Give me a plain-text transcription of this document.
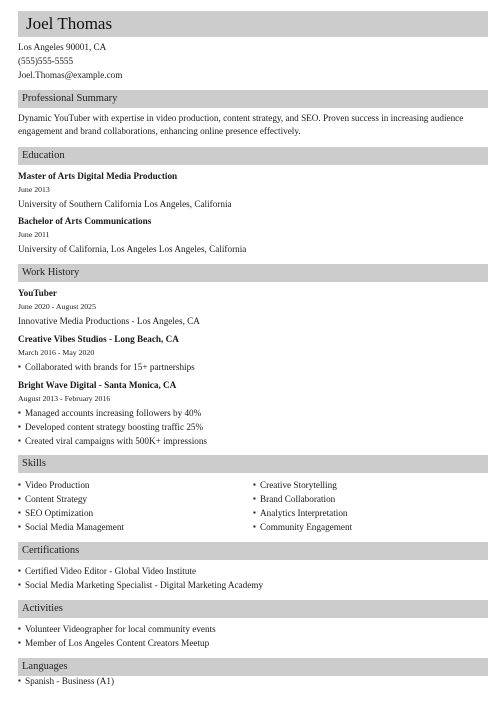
Joel Thomas
Los Angeles 90001, CA
(555)555-5555
Joel.Thomas@example.com
Professional Summary
Dynamic YouTuber with expertise in video production, content strategy, and SEO. Proven success in increasing audience engagement and brand collaborations, enhancing online presence effectively.
Education
Master of Arts Digital Media Production
June 2013
University of Southern California Los Angeles, California
Bachelor of Arts Communications
June 2011
University of California, Los Angeles Los Angeles, California
Work History
YouTuber
June 2020 - August 2025
Innovative Media Productions - Los Angeles, CA
Creative Vibes Studios - Long Beach, CA
March 2016 - May 2020
▪ Collaborated with brands for 15+ partnerships
Bright Wave Digital - Santa Monica, CA
August 2013 - February 2016
▪ Managed accounts increasing followers by 40%
▪ Developed content strategy boosting traffic 25%
▪ Created viral campaigns with 500K+ impressions
Skills
▪ Video Production
▪ Content Strategy
▪ SEO Optimization
▪ Social Media Management
▪ Creative Storytelling
▪ Brand Collaboration
▪ Analytics Interpretation
▪ Community Engagement
Certifications
▪ Certified Video Editor - Global Video Institute
▪ Social Media Marketing Specialist - Digital Marketing Academy
Activities
▪ Volunteer Videographer for local community events
▪ Member of Los Angeles Content Creators Meetup
Languages
▪ Spanish - Business (A1)
